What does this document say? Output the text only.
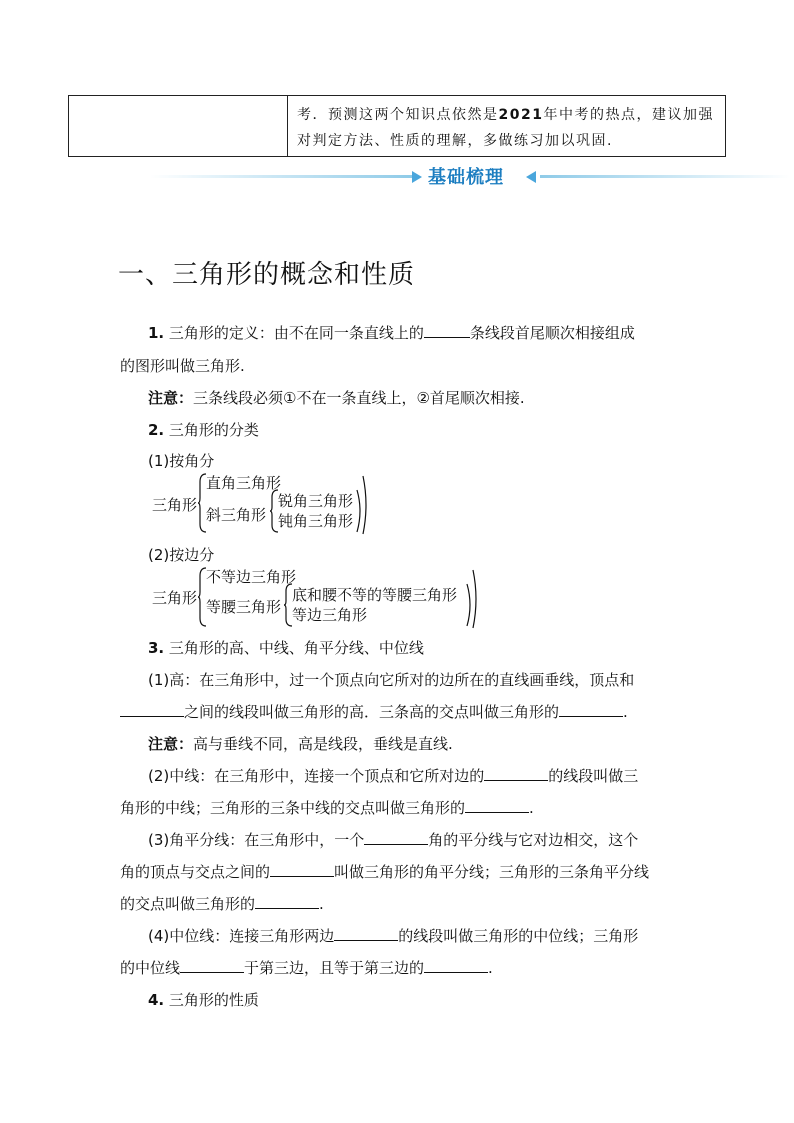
考．预测这两个知识点依然是2021年中考的热点，建议加强
对判定方法、性质的理解，多做练习加以巩固.
基础梳理
一、三角形的概念和性质
1. 三角形的定义：由不在同一条直线上的	条线段首尾顺次相接组成
的图形叫做三角形.
注意：三条线段必须①不在一条直线上，②首尾顺次相接.
2. 三角形的分类
(1)按角分
三角形
直角三角形
斜三角形
锐角三角形
钝角三角形
(2)按边分
三角形
不等边三角形
等腰三角形
底和腰不等的等腰三角形
等边三角形
3. 三角形的高、中线、角平分线、中位线
(1)高：在三角形中，过一个顶点向它所对的边所在的直线画垂线，顶点和
之间的线段叫做三角形的高．三条高的交点叫做三角形的	.
注意：高与垂线不同，高是线段，垂线是直线.
(2)中线：在三角形中，连接一个顶点和它所对边的	的线段叫做三
角形的中线；三角形的三条中线的交点叫做三角形的	.
(3)角平分线：在三角形中，一个	角的平分线与它对边相交，这个
角的顶点与交点之间的	叫做三角形的角平分线；三角形的三条角平分线
的交点叫做三角形的	.
(4)中位线：连接三角形两边	的线段叫做三角形的中位线；三角形
的中位线	于第三边，且等于第三边的	.
4. 三角形的性质
